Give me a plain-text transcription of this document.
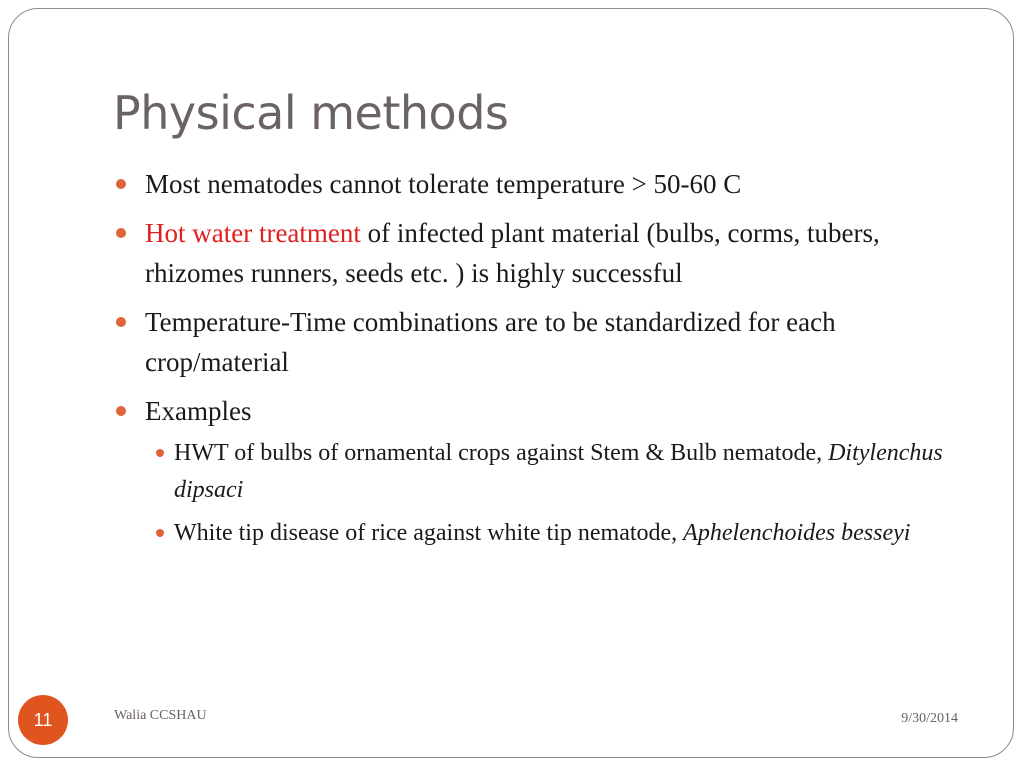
Physical methods
Most nematodes cannot tolerate temperature > 50-60 C
Hot water treatment of infected plant material (bulbs, corms, tubers, rhizomes runners, seeds etc. ) is highly successful
Temperature-Time combinations are to be standardized for each crop/material
Examples
HWT of bulbs of ornamental crops against Stem & Bulb nematode, Ditylenchus dipsaci
White tip disease of rice against white tip nematode, Aphelenchoides besseyi
11	Walia CCSHAU	9/30/2014
